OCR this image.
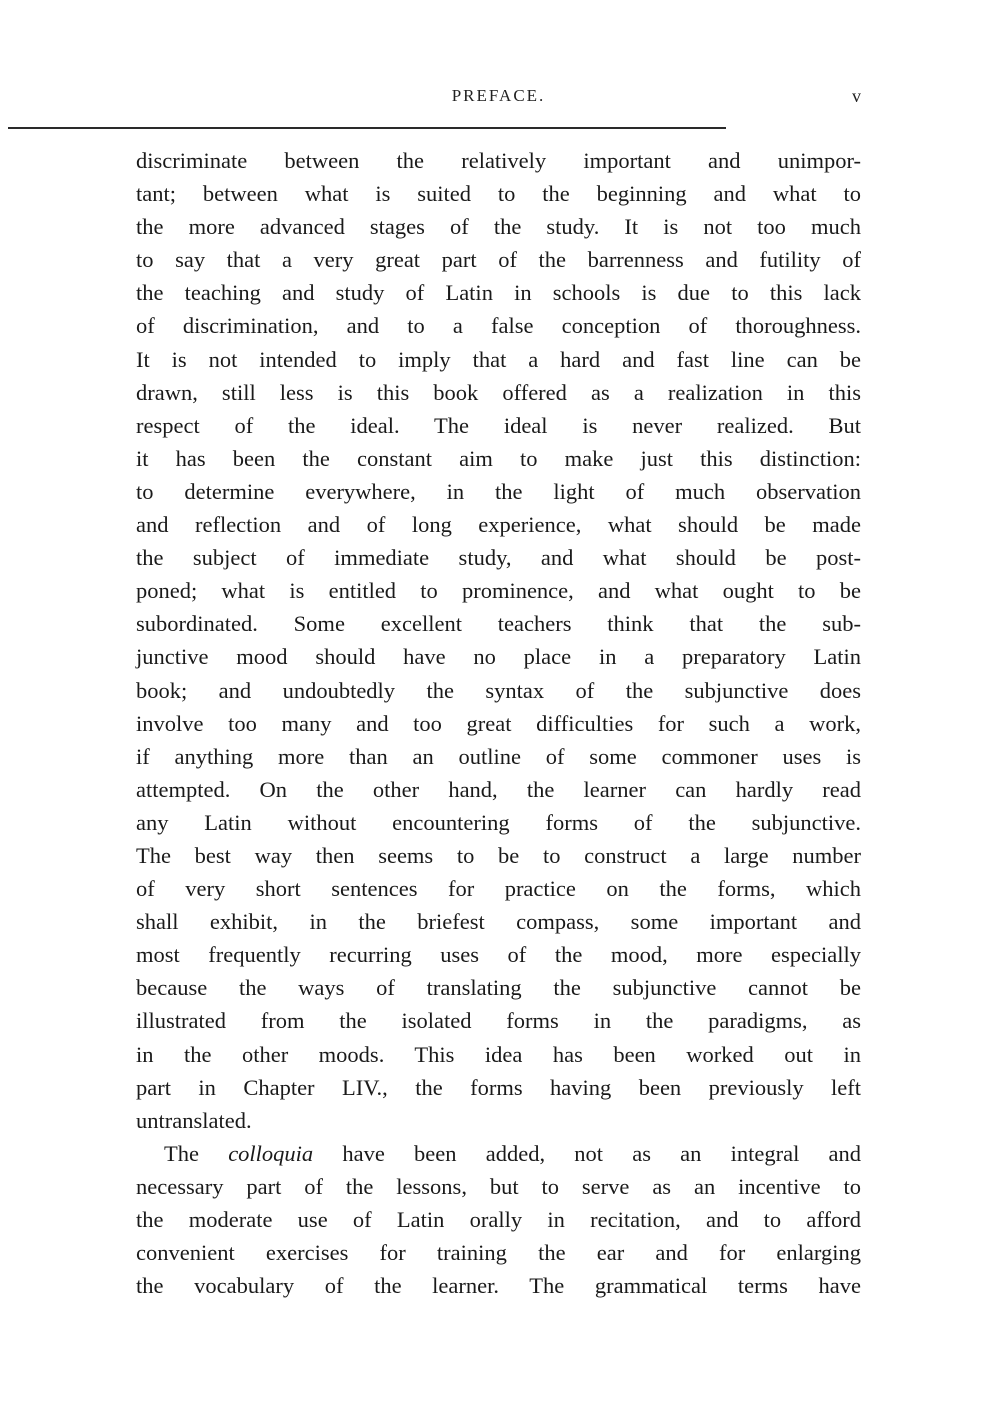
PREFACE.	v
discriminate between the relatively important and unimpor-
tant; between what is suited to the beginning and what to
the more advanced stages of the study. It is not too much
to say that a very great part of the barrenness and futility of
the teaching and study of Latin in schools is due to this lack
of discrimination, and to a false conception of thoroughness.
It is not intended to imply that a hard and fast line can be
drawn, still less is this book offered as a realization in this
respect of the ideal. The ideal is never realized. But
it has been the constant aim to make just this distinction:
to determine everywhere, in the light of much observation
and reflection and of long experience, what should be made
the subject of immediate study, and what should be post-
poned; what is entitled to prominence, and what ought to be
subordinated. Some excellent teachers think that the sub-
junctive mood should have no place in a preparatory Latin
book; and undoubtedly the syntax of the subjunctive does
involve too many and too great difficulties for such a work,
if anything more than an outline of some commoner uses is
attempted. On the other hand, the learner can hardly read
any Latin without encountering forms of the subjunctive.
The best way then seems to be to construct a large number
of very short sentences for practice on the forms, which
shall exhibit, in the briefest compass, some important and
most frequently recurring uses of the mood, more especially
because the ways of translating the subjunctive cannot be
illustrated from the isolated forms in the paradigms, as
in the other moods. This idea has been worked out in
part in Chapter LIV., the forms having been previously left
untranslated.
The colloquia have been added, not as an integral and
necessary part of the lessons, but to serve as an incentive to
the moderate use of Latin orally in recitation, and to afford
convenient exercises for training the ear and for enlarging
the vocabulary of the learner. The grammatical terms have
